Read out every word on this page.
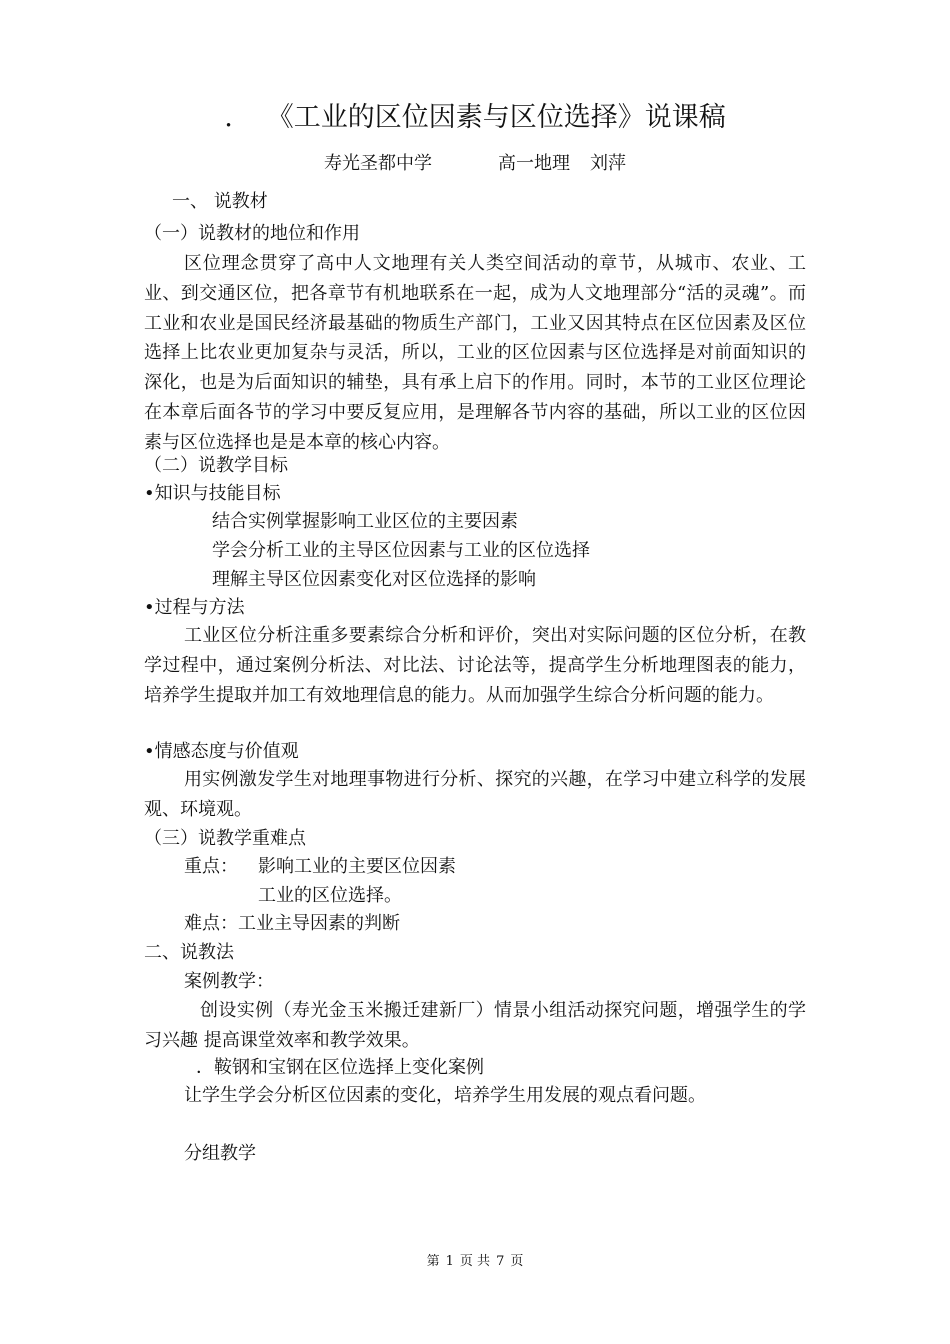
. 《工业的区位因素与区位选择》说课稿
寿光圣都中学	高一地理 刘萍
一、 说教材
（一）说教材的地位和作用
区位理念贯穿了高中人文地理有关人类空间活动的章节，从城市、农业、工业、到交通区位，把各章节有机地联系在一起，成为人文地理部分“活的灵魂”。而工业和农业是国民经济最基础的物质生产部门，工业又因其特点在区位因素及区位选择上比农业更加复杂与灵活，所以，工业的区位因素与区位选择是对前面知识的深化，也是为后面知识的辅垫，具有承上启下的作用。同时，本节的工业区位理论在本章后面各节的学习中要反复应用，是理解各节内容的基础，所以工业的区位因素与区位选择也是是本章的核心内容。
（二）说教学目标
•知识与技能目标
结合实例掌握影响工业区位的主要因素
学会分析工业的主导区位因素与工业的区位选择
理解主导区位因素变化对区位选择的影响
•过程与方法
工业区位分析注重多要素综合分析和评价，突出对实际问题的区位分析，在教学过程中，通过案例分析法、对比法、讨论法等，提高学生分析地理图表的能力，培养学生提取并加工有效地理信息的能力。从而加强学生综合分析问题的能力。
•情感态度与价值观
用实例激发学生对地理事物进行分析、探究的兴趣，在学习中建立科学的发展观、环境观。
（三）说教学重难点
重点： 影响工业的主要区位因素
工业的区位选择。
难点：工业主导因素的判断
二、说教法
案例教学：
创设实例（寿光金玉米搬迁建新厂）情景小组活动探究问题，增强学生的学习兴趣 提高课堂效率和教学效果。
．鞍钢和宝钢在区位选择上变化案例
让学生学会分析区位因素的变化，培养学生用发展的观点看问题。
分组教学
第 1 页 共 7 页
